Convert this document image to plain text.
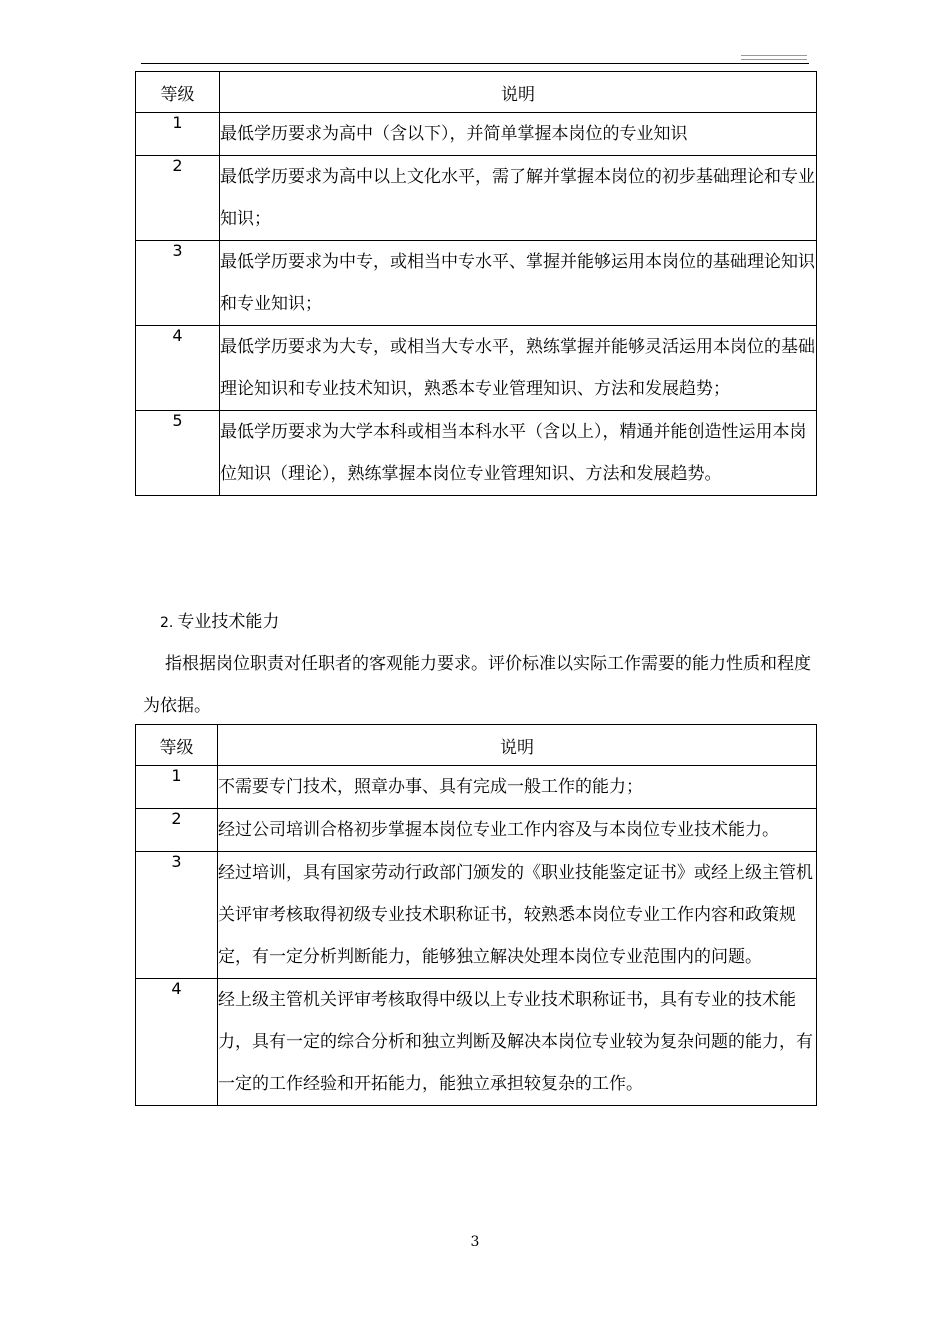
等级	说明
1	最低学历要求为高中（含以下），并简单掌握本岗位的专业知识
2	最低学历要求为高中以上文化水平，需了解并掌握本岗位的初步基础理论和专业知识；
3	最低学历要求为中专，或相当中专水平、掌握并能够运用本岗位的基础理论知识和专业知识；
4	最低学历要求为大专，或相当大专水平，熟练掌握并能够灵活运用本岗位的基础理论知识和专业技术知识，熟悉本专业管理知识、方法和发展趋势；
5	最低学历要求为大学本科或相当本科水平（含以上），精通并能创造性运用本岗位知识（理论），熟练掌握本岗位专业管理知识、方法和发展趋势。
2. 专业技术能力
指根据岗位职责对任职者的客观能力要求。评价标准以实际工作需要的能力性质和程度为依据。
等级	说明
1	不需要专门技术，照章办事、具有完成一般工作的能力；
2	经过公司培训合格初步掌握本岗位专业工作内容及与本岗位专业技术能力。
3	经过培训，具有国家劳动行政部门颁发的《职业技能鉴定证书》或经上级主管机关评审考核取得初级专业技术职称证书，较熟悉本岗位专业工作内容和政策规定，有一定分析判断能力，能够独立解决处理本岗位专业范围内的问题。
4	经上级主管机关评审考核取得中级以上专业技术职称证书，具有专业的技术能力，具有一定的综合分析和独立判断及解决本岗位专业较为复杂问题的能力，有一定的工作经验和开拓能力，能独立承担较复杂的工作。
3
